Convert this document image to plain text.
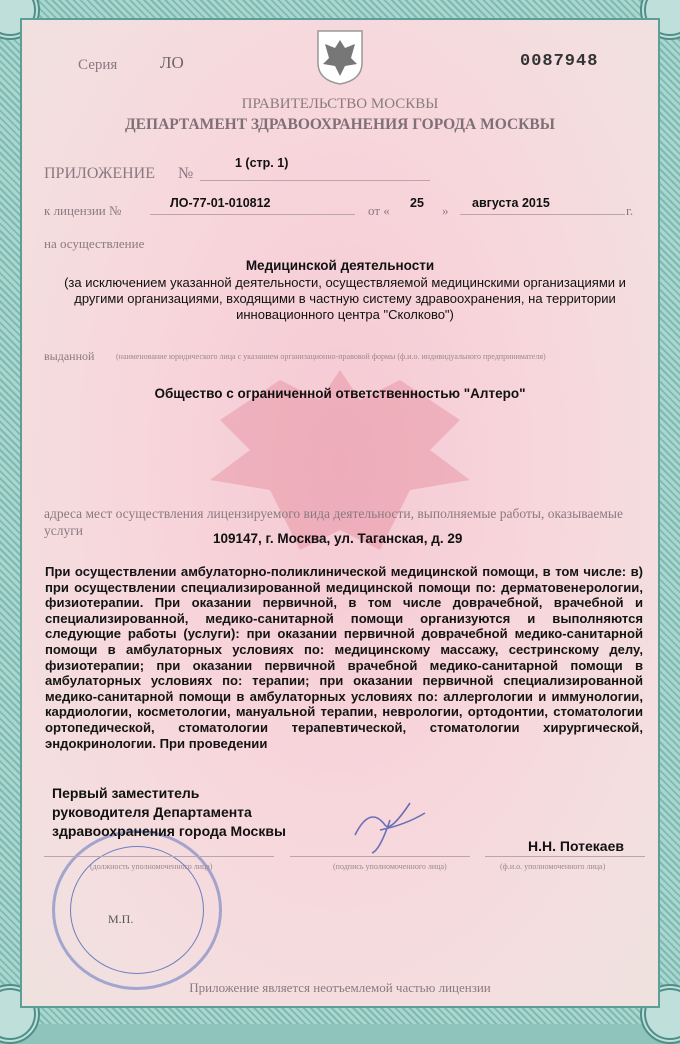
Серия	ЛО	0087948
ПРАВИТЕЛЬСТВО МОСКВЫ
ДЕПАРТАМЕНТ ЗДРАВООХРАНЕНИЯ ГОРОДА МОСКВЫ
ПРИЛОЖЕНИЕ №
1 (стр. 1)
к лицензии №	ЛО-77-01-010812	от « 25 » августа 2015	г.
на осуществление
Медицинской деятельности
(за исключением указанной деятельности, осуществляемой медицинскими организациями и другими организациями, входящими в частную систему здравоохранения, на территории инновационного центра "Сколково")
выданной	(наименование юридического лица с указанием организационно-правовой формы (ф.и.о. индивидуального предпринимателя)
Общество с ограниченной ответственностью "Алтеро"
адреса мест осуществления лицензируемого вида деятельности, выполняемые работы, оказываемые услуги
109147, г. Москва, ул. Таганская, д. 29
При осуществлении амбулаторно-поликлинической медицинской помощи, в том числе: в) при осуществлении специализированной медицинской помощи по: дерматовенерологии, физиотерапии. При оказании первичной, в том числе доврачебной, врачебной и специализированной, медико-санитарной помощи организуются и выполняются следующие работы (услуги): при оказании первичной доврачебной медико-санитарной помощи в амбулаторных условиях по: медицинскому массажу, сестринскому делу, физиотерапии; при оказании первичной врачебной медико-санитарной помощи в амбулаторных условиях по: терапии; при оказании первичной специализированной медико-санитарной помощи в амбулаторных условиях по: аллергологии и иммунологии, кардиологии, косметологии, мануальной терапии, неврологии, ортодонтии, стоматологии ортопедической, стоматологии терапевтической, стоматологии хирургической, эндокринологии. При проведении
М.П.
Первый заместитель руководителя Департамента здравоохранения города Москвы
Н.Н. Потекаев
(должность уполномоченного лица)	(подпись уполномоченного лица)	(ф.и.о. уполномоченного лица)
Приложение является неотъемлемой частью лицензии
